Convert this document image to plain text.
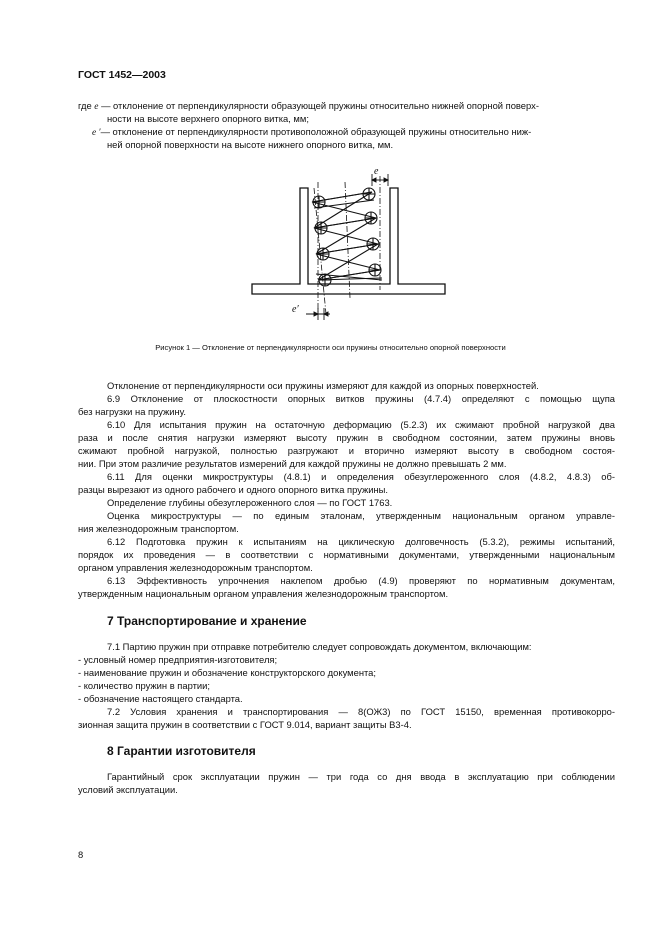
ГОСТ 1452—2003
где e — отклонение от перпендикулярности образующей пружины относительно нижней опорной поверх-
ности на высоте верхнего опорного витка, мм;
e ′— отклонение от перпендикулярности противоположной образующей пружины относительно ниж-
ней опорной поверхности на высоте нижнего опорного витка, мм.
e
e′
Рисунок 1 — Отклонение от перпендикулярности оси пружины относительно опорной поверхности
Отклонение от перпендикулярности оси пружины измеряют для каждой из опорных поверхностей.
6.9 Отклонение от плоскостности опорных витков пружины (4.7.4) определяют с помощью щупа
без нагрузки на пружину.
6.10 Для испытания пружин на остаточную деформацию (5.2.3) их сжимают пробной нагрузкой два
раза и после снятия нагрузки измеряют высоту пружин в свободном состоянии, затем пружины вновь
сжимают пробной нагрузкой, полностью разгружают и вторично измеряют высоту в свободном состоя-
нии. При этом различие результатов измерений для каждой пружины не должно превышать 2 мм.
6.11 Для оценки микроструктуры (4.8.1) и определения обезуглероженного слоя (4.8.2, 4.8.3) об-
разцы вырезают из одного рабочего и одного опорного витка пружины.
Определение глубины обезуглероженного слоя — по ГОСТ 1763.
Оценка микроструктуры — по единым эталонам, утвержденным национальным органом управле-
ния железнодорожным транспортом.
6.12 Подготовка пружин к испытаниям на циклическую долговечность (5.3.2), режимы испытаний,
порядок их проведения — в соответствии с нормативными документами, утвержденными национальным
органом управления железнодорожным транспортом.
6.13 Эффективность упрочнения наклепом дробью (4.9) проверяют по нормативным документам,
утвержденным национальным органом управления железнодорожным транспортом.
7 Транспортирование и хранение
7.1 Партию пружин при отправке потребителю следует сопровождать документом, включающим:
- условный номер предприятия-изготовителя;
- наименование пружин и обозначение конструкторского документа;
- количество пружин в партии;
- обозначение настоящего стандарта.
7.2 Условия хранения и транспортирования — 8(ОЖ3) по ГОСТ 15150, временная противокорро-
зионная защита пружин в соответствии с ГОСТ 9.014, вариант защиты В3-4.
8 Гарантии изготовителя
Гарантийный срок эксплуатации пружин — три года со дня ввода в эксплуатацию при соблюдении
условий эксплуатации.
8
